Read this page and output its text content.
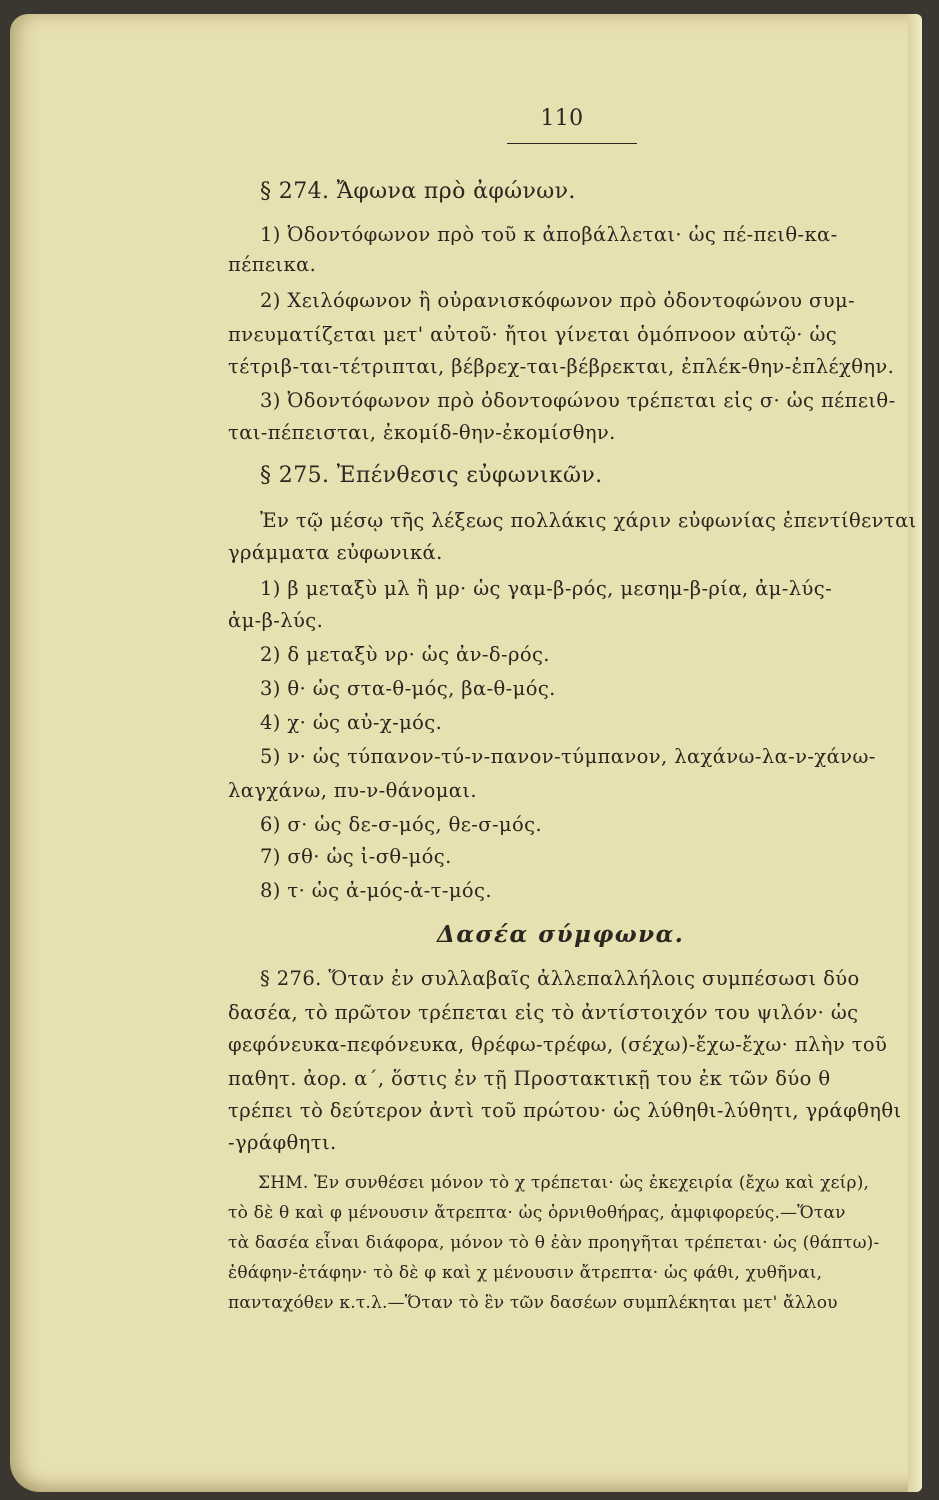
110
§ 274. Ἄφωνα πρὸ ἀφώνων.
1) Ὀδοντόφωνον πρὸ τοῦ κ ἀποβάλλεται· ὡς πέ-πειθ-κα-
πέπεικα.
2) Χειλόφωνον ἢ οὐρανισκόφωνον πρὸ ὀδοντοφώνου συμ-
πνευματίζεται μετ' αὐτοῦ· ἤτοι γίνεται ὁμόπνοον αὐτῷ· ὡς
τέτριβ-ται-τέτριπται, βέβρεχ-ται-βέβρεκται, ἐπλέκ-θην-ἐπλέχθην.
3) Ὀδοντόφωνον πρὸ ὀδοντοφώνου τρέπεται εἰς σ· ὡς πέπειθ-
ται-πέπεισται, ἐκομίδ-θην-ἐκομίσθην.
§ 275. Ἐπένθεσις εὐφωνικῶν.
Ἐν τῷ μέσῳ τῆς λέξεως πολλάκις χάριν εὐφωνίας ἐπεντίθενται
γράμματα εὐφωνικά.
1) β μεταξὺ μλ ἢ μρ· ὡς γαμ-β-ρός, μεσημ-β-ρία, ἀμ-λύς-
ἀμ-β-λύς.
2) δ μεταξὺ νρ· ὡς ἀν-δ-ρός.
3) θ· ὡς στα-θ-μός, βα-θ-μός.
4) χ· ὡς αὐ-χ-μός.
5) ν· ὡς τύπανον-τύ-ν-πανον-τύμπανον, λαχάνω-λα-ν-χάνω-
λαγχάνω, πυ-ν-θάνομαι.
6) σ· ὡς δε-σ-μός, θε-σ-μός.
7) σθ· ὡς ἰ-σθ-μός.
8) τ· ὡς ἀ-μός-ἀ-τ-μός.
Δασέα σύμφωνα.
§ 276. Ὅταν ἐν συλλαβαῖς ἀλλεπαλλήλοις συμπέσωσι δύο
δασέα, τὸ πρῶτον τρέπεται εἰς τὸ ἀντίστοιχόν του ψιλόν· ὡς
φεφόνευκα-πεφόνευκα, θρέφω-τρέφω, (σέχω)-ἔχω-ἔχω· πλὴν τοῦ
παθητ. ἀορ. α΄, ὅστις ἐν τῇ Προστακτικῇ του ἐκ τῶν δύο θ
τρέπει τὸ δεύτερον ἀντὶ τοῦ πρώτου· ὡς λύθηθι-λύθητι, γράφθηθι
-γράφθητι.
ΣΗΜ. Ἐν συνθέσει μόνον τὸ χ τρέπεται· ὡς ἐκεχειρία (ἔχω καὶ χείρ),
τὸ δὲ θ καὶ φ μένουσιν ἄτρεπτα· ὡς ὀρνιθοθήρας, ἀμφιφορεύς.—Ὅταν
τὰ δασέα εἶναι διάφορα, μόνον τὸ θ ἐὰν προηγῆται τρέπεται· ὡς (θάπτω)-
ἐθάφην-ἐτάφην· τὸ δὲ φ καὶ χ μένουσιν ἄτρεπτα· ὡς φάθι, χυθῆναι,
πανταχόθεν κ.τ.λ.—Ὅταν τὸ ἓν τῶν δασέων συμπλέκηται μετ' ἄλλου
